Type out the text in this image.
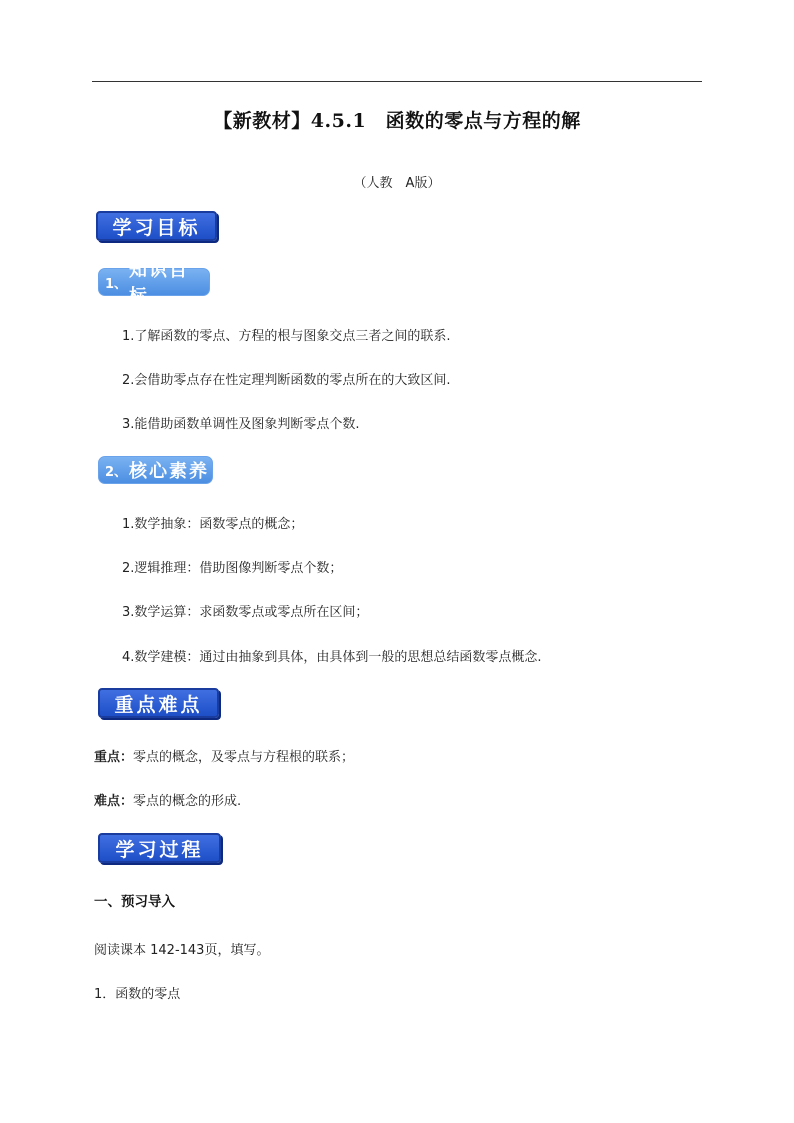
【新教材】4.5.1　函数的零点与方程的解
（人教　A版）
学习目标
1、
知识目标
1.了解函数的零点、方程的根与图象交点三者之间的联系.
2.会借助零点存在性定理判断函数的零点所在的大致区间.
3.能借助函数单调性及图象判断零点个数.
2、 核心素养
1.数学抽象：函数零点的概念；
2.逻辑推理：借助图像判断零点个数；
3.数学运算：求函数零点或零点所在区间；
4.数学建模：通过由抽象到具体，由具体到一般的思想总结函数零点概念.
重点难点
重点：零点的概念，及零点与方程根的联系；
难点：零点的概念的形成.
学习过程
一、预习导入
阅读课本 142-143页，填写。
1．函数的零点
